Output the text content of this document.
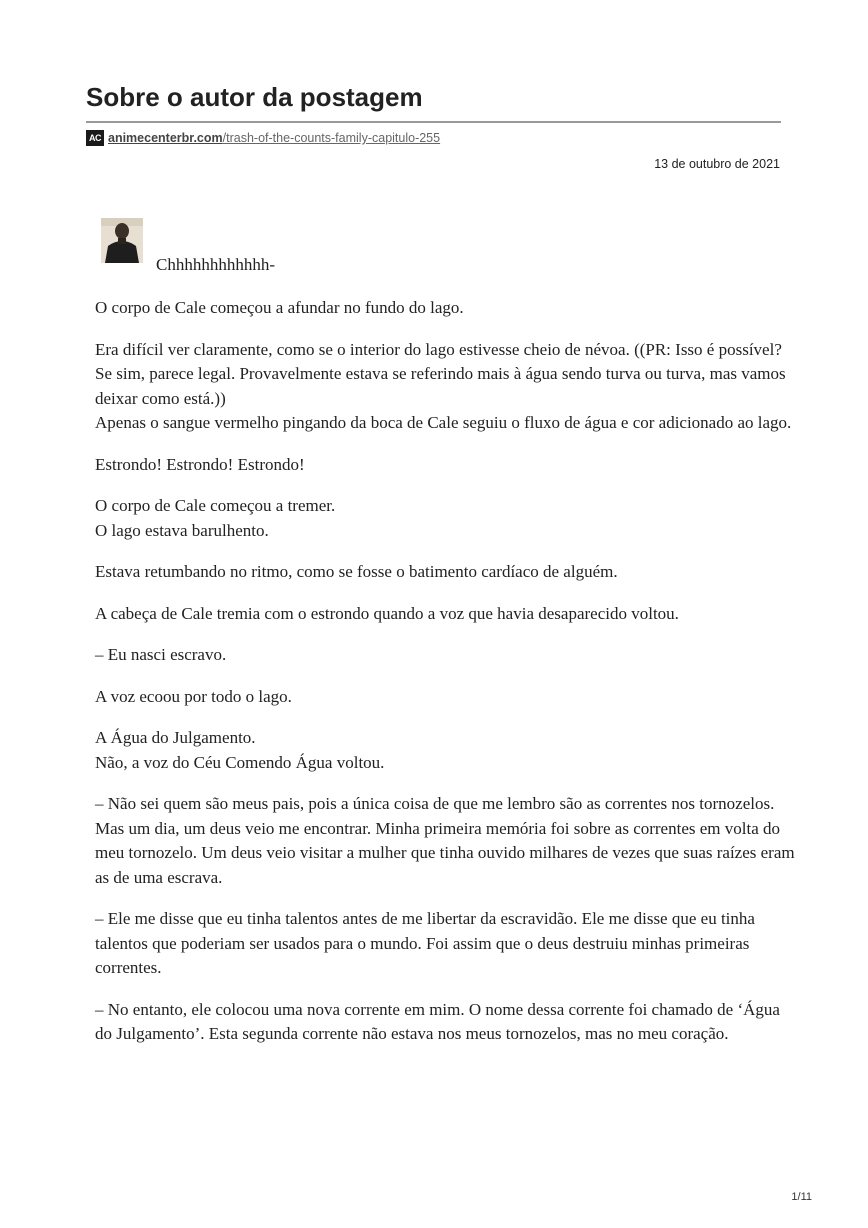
Sobre o autor da postagem
AC animecenterbr.com /trash-of-the-counts-family-capitulo-255
13 de outubro de 2021
Chhhhhhhhhhhh-

O corpo de Cale começou a afundar no fundo do lago.

Era difícil ver claramente, como se o interior do lago estivesse cheio de névoa. ((PR: Isso é possível? Se sim, parece legal. Provavelmente estava se referindo mais à água sendo turva ou turva, mas vamos deixar como está.))
Apenas o sangue vermelho pingando da boca de Cale seguiu o fluxo de água e cor adicionado ao lago.

Estrondo! Estrondo! Estrondo!

O corpo de Cale começou a tremer.
O lago estava barulhento.

Estava retumbando no ritmo, como se fosse o batimento cardíaco de alguém.

A cabeça de Cale tremia com o estrondo quando a voz que havia desaparecido voltou.

– Eu nasci escravo.

A voz ecoou por todo o lago.

A Água do Julgamento.
Não, a voz do Céu Comendo Água voltou.

– Não sei quem são meus pais, pois a única coisa de que me lembro são as correntes nos tornozelos. Mas um dia, um deus veio me encontrar. Minha primeira memória foi sobre as correntes em volta do meu tornozelo. Um deus veio visitar a mulher que tinha ouvido milhares de vezes que suas raízes eram as de uma escrava.

– Ele me disse que eu tinha talentos antes de me libertar da escravidão. Ele me disse que eu tinha talentos que poderiam ser usados para o mundo. Foi assim que o deus destruiu minhas primeiras correntes.

– No entanto, ele colocou uma nova corrente em mim. O nome dessa corrente foi chamado de ‘Água do Julgamento’. Esta segunda corrente não estava nos meus tornozelos, mas no meu coração.

1/11
